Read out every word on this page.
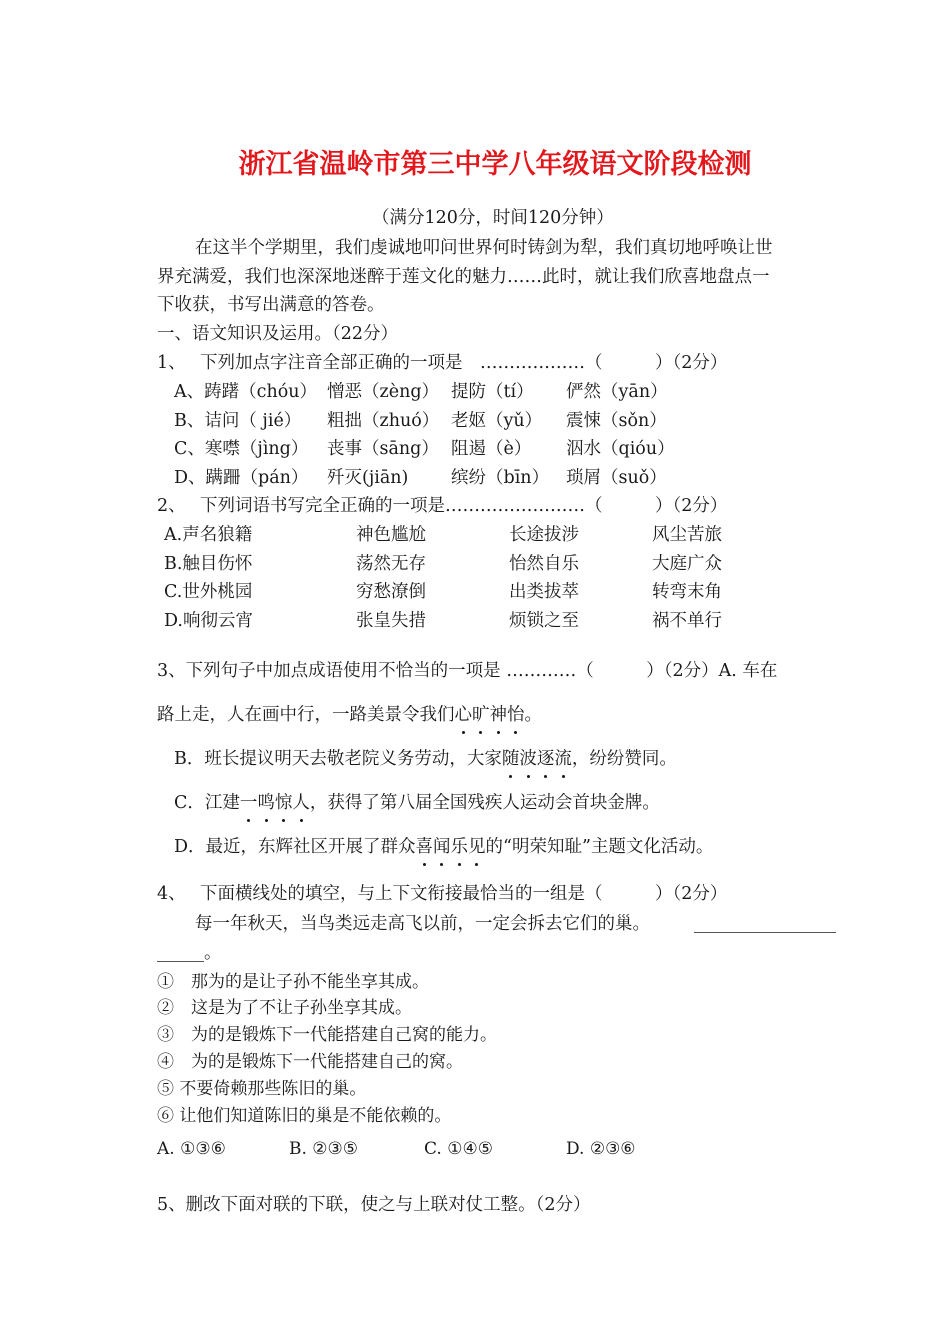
浙江省温岭市第三中学八年级语文阶段检测
（满分120分，时间120分钟）
在这半个学期里，我们虔诚地叩问世界何时铸剑为犁，我们真切地呼唤让世
界充满爱，我们也深深地迷醉于莲文化的魅力……此时，就让我们欣喜地盘点一
下收获，书写出满意的答卷。
一、语文知识及运用。（22分）
1、　 下列加点字注音全部正确的一项是　………………（　　　）（2分）
A、踌躇（chóu） 憎恶（zèng） 提防（tí） 俨然（yān）
B、诘问（ jié） 粗拙（zhuó） 老妪（yǔ） 震悚（sǒn）
C、寒噤（jìng） 丧事（sāng） 阻遏（è） 泅水（qióu）
D、蹒跚（pán） 歼灭(jiān) 缤纷（bīn） 琐屑（suǒ）
2、　 下列词语书写完全正确的一项是……………………（　　　）（2分）
A.声名狼籍	神色尴尬	长途拔涉	风尘苦旅
B.触目伤怀	荡然无存	怡然自乐	大庭广众
C.世外桃园	穷愁潦倒	出类拔萃	转弯末角
D.响彻云宵	张皇失措	烦锁之至	祸不单行
3、下列句子中加点成语使用不恰当的一项是 …………（　　　）（2分）A. 车在
路上走，人在画中行，一路美景令我们心旷神怡。
B．班长提议明天去敬老院义务劳动，大家随波逐流，纷纷赞同。
C．江建一鸣惊人，获得了第八届全国残疾人运动会首块金牌。
D．最近，东辉社区开展了群众喜闻乐见的“明荣知耻”主题文化活动。
4、　 下面横线处的填空，与上下文衔接最恰当的一组是（　　　）（2分）
每一年秋天，当鸟类远走高飞以前，一定会拆去它们的巢。
。
①　那为的是让子孙不能坐享其成。
②　这是为了不让子孙坐享其成。
③　为的是锻炼下一代能搭建自己窝的能力。
④　为的是锻炼下一代能搭建自己的窝。
⑤ 不要倚赖那些陈旧的巢。
⑥ 让他们知道陈旧的巢是不能依赖的。
A. ①③⑥	B. ②③⑤	C. ①④⑤	D. ②③⑥
5、删改下面对联的下联，使之与上联对仗工整。（2分）
